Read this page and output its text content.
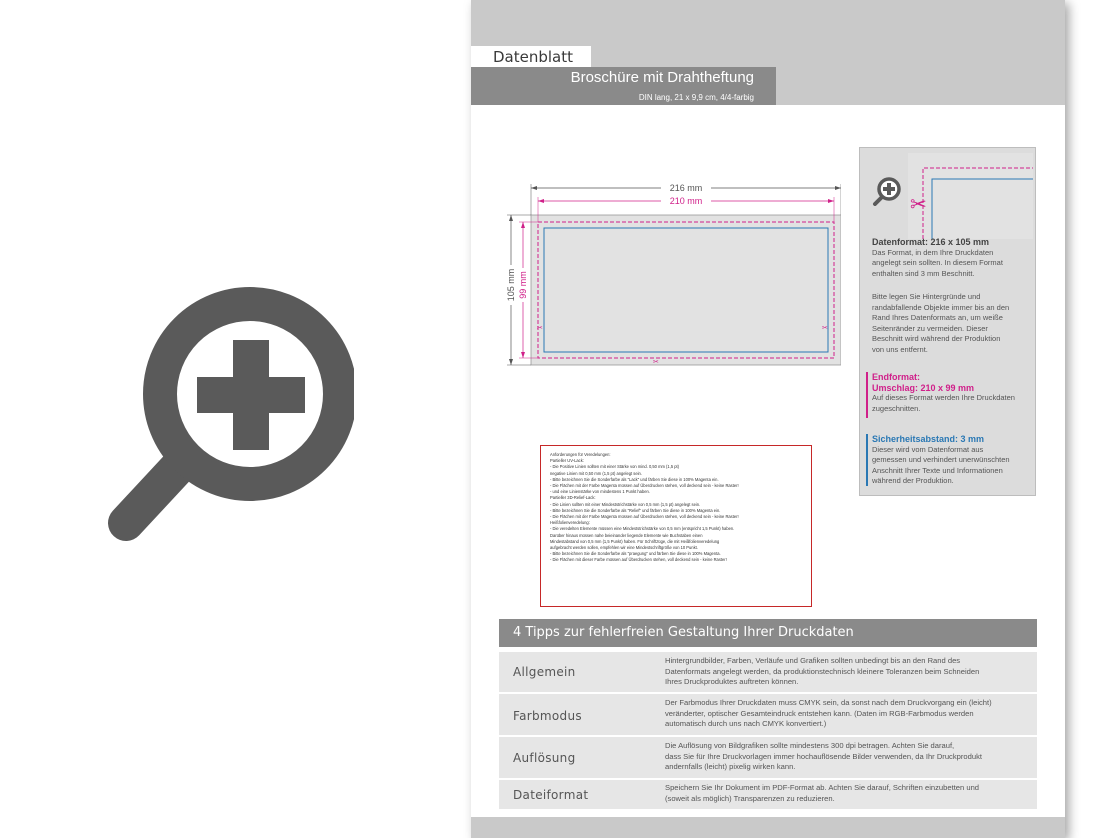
Datenblatt
Broschüre mit Drahtheftung
DIN lang, 21 x 9,9 cm, 4/4-farbig
216 mm
210 mm
105 mm 99 mm
✂
✂
✂
✂
Datenformat: 216 x 105 mm
Das Format, in dem Ihre Druckdaten
angelegt sein sollten. In diesem Format
enthalten sind 3 mm Beschnitt.
Bitte legen Sie Hintergründe und
randabfallende Objekte immer bis an den
Rand Ihres Datenformats an, um weiße
Seitenränder zu vermeiden. Dieser
Beschnitt wird während der Produktion
von uns entfernt.
Endformat:
Umschlag: 210 x 99 mm
Auf dieses Format werden Ihre Druckdaten
zugeschnitten.
Sicherheitsabstand: 3 mm
Dieser wird vom Datenformat aus
gemessen und verhindert unerwünschten
Anschnitt Ihrer Texte und Informationen
während der Produktion.
Anforderungen für Veredelungen:
Partieller UV-Lack:
- Die Positive Linien sollten mit einer Stärke von mind. 0,50 mm (1,5 pt)
negative Linien mit 0,50 mm (1,5 pt) angelegt sein.
- Bitte bezeichnen Sie die Sonderfarbe als "Lack" und färben Sie diese in 100% Magenta ein.
- Die Flächen mit der Farbe Magenta müssen auf Überdrucken stehen, voll deckend sein - keine Raster!
- und eine Linienstärke von mindestens 1 Punkt haben.
Partieller 3D-Relief-Lack:
- Die Linien sollten mit einer Mindeststrichstärke von 0,5 mm (1,5 pt) angelegt sein.
- Bitte bezeichnen Sie die Sonderfarbe als "Relief" und färben Sie diese in 100% Magenta ein.
- Die Flächen mit der Farbe Magenta müssen auf Überdrucken stehen, voll deckend sein - keine Raster!
Heißfolienveredelung:
- Die veredelten Elemente müssen eine Mindeststrichstärke von 0,5 mm (entspricht 1,5 Punkt) haben.
Darüber hinaus müssen nahe beieinander liegende Elemente wie Buchstaben einen
Mindestabstand von 0,5 mm (1,5 Punkt) haben. Für Schriftzüge, die mit Heißfolienveredelung
aufgebracht werden sollen, empfehlen wir eine Mindestschriftgröße von 10 Punkt.
- Bitte bezeichnen Sie die Sonderfarbe als "praegung" und färben Sie diese in 100% Magenta.
- Die Flächen mit dieser Farbe müssen auf Überdrucken stehen, voll deckend sein - keine Raster!
4 Tipps zur fehlerfreien Gestaltung Ihrer Druckdaten
Allgemein
Hintergrundbilder, Farben, Verläufe und Grafiken sollten unbedingt bis an den Rand des
Datenformats angelegt werden, da produktionstechnisch kleinere Toleranzen beim Schneiden
Ihres Druckproduktes auftreten können.
Farbmodus
Der Farbmodus Ihrer Druckdaten muss CMYK sein, da sonst nach dem Druckvorgang ein (leicht)
veränderter, optischer Gesamteindruck entstehen kann. (Daten im RGB-Farbmodus werden
automatisch durch uns nach CMYK konvertiert.)
Auflösung
Die Auflösung von Bildgrafiken sollte mindestens 300 dpi betragen. Achten Sie darauf,
dass Sie für Ihre Druckvorlagen immer hochauflösende Bilder verwenden, da Ihr Druckprodukt
andernfalls (leicht) pixelig wirken kann.
Dateiformat
Speichern Sie Ihr Dokument im PDF-Format ab. Achten Sie darauf, Schriften einzubetten und
(soweit als möglich) Transparenzen zu reduzieren.
